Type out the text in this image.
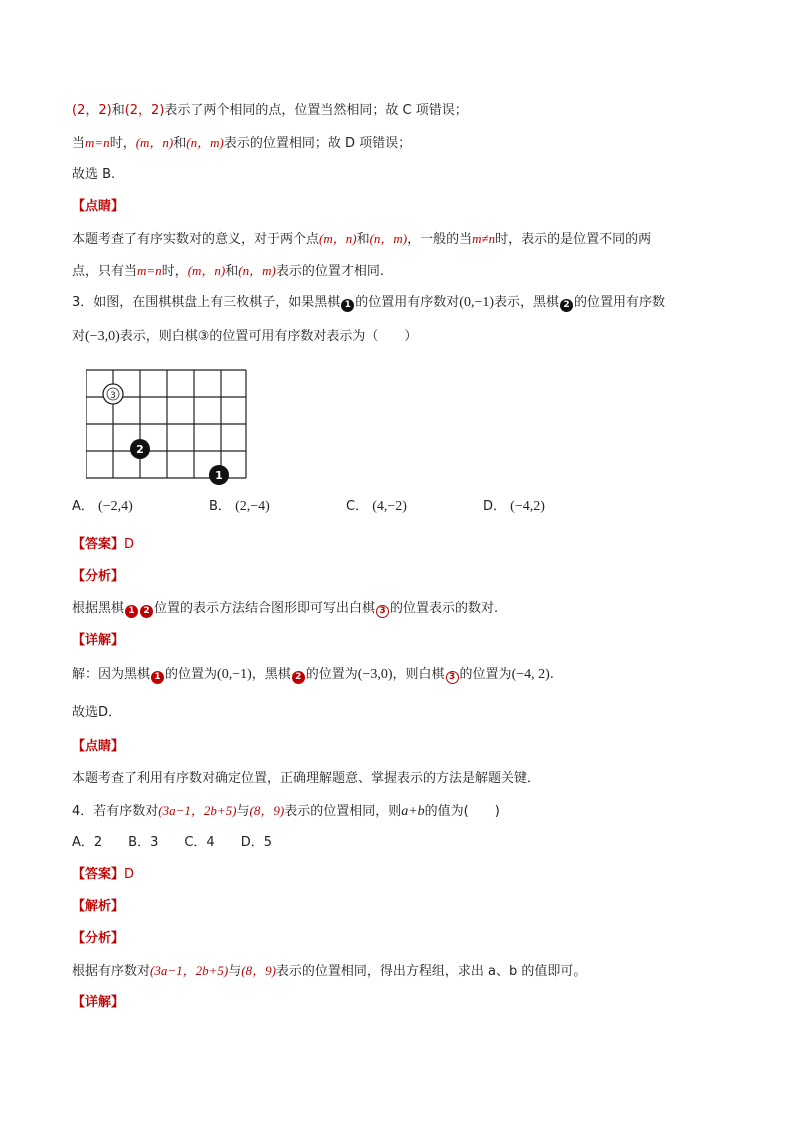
(2，2)和(2，2)表示了两个相同的点，位置当然相同；故 C 项错误；
当m=n时，(m，n)和(n，m)表示的位置相同；故 D 项错误；
故选 B.
【点睛】
本题考查了有序实数对的意义，对于两个点(m，n)和(n，m)，一般的当m≠n时，表示的是位置不同的两
点，只有当m=n时，(m，n)和(n，m)表示的位置才相同.
3．如图，在围棋棋盘上有三枚棋子，如果黑棋 1 的位置用有序数对(0,−1)表示，黑棋 2 的位置用有序数
对(−3,0)表示，则白棋③的位置可用有序数对表示为（　　）
3
2
1
A． (−2,4)	B． (2,−4)	C． (4,−2)	D． (−4,2)
【答案】D
【分析】
根据黑棋 1 2 位置的表示方法结合图形即可写出白棋 3 的位置表示的数对.
【详解】
解：因为黑棋 1 的位置为(0,−1)，黑棋 2 的位置为(−3,0)，则白棋 3 的位置为(−4, 2).
故选D．
【点睛】
本题考查了利用有序数对确定位置，正确理解题意、掌握表示的方法是解题关键．
4．若有序数对(3a−1，2b+5)与(8，9)表示的位置相同，则a+b的值为(　　)
A．2　　B．3　　C．4　　D．5
【答案】D
【解析】
【分析】
根据有序数对(3a−1，2b+5)与(8，9)表示的位置相同，得出方程组，求出 a、b 的值即可。
【详解】
